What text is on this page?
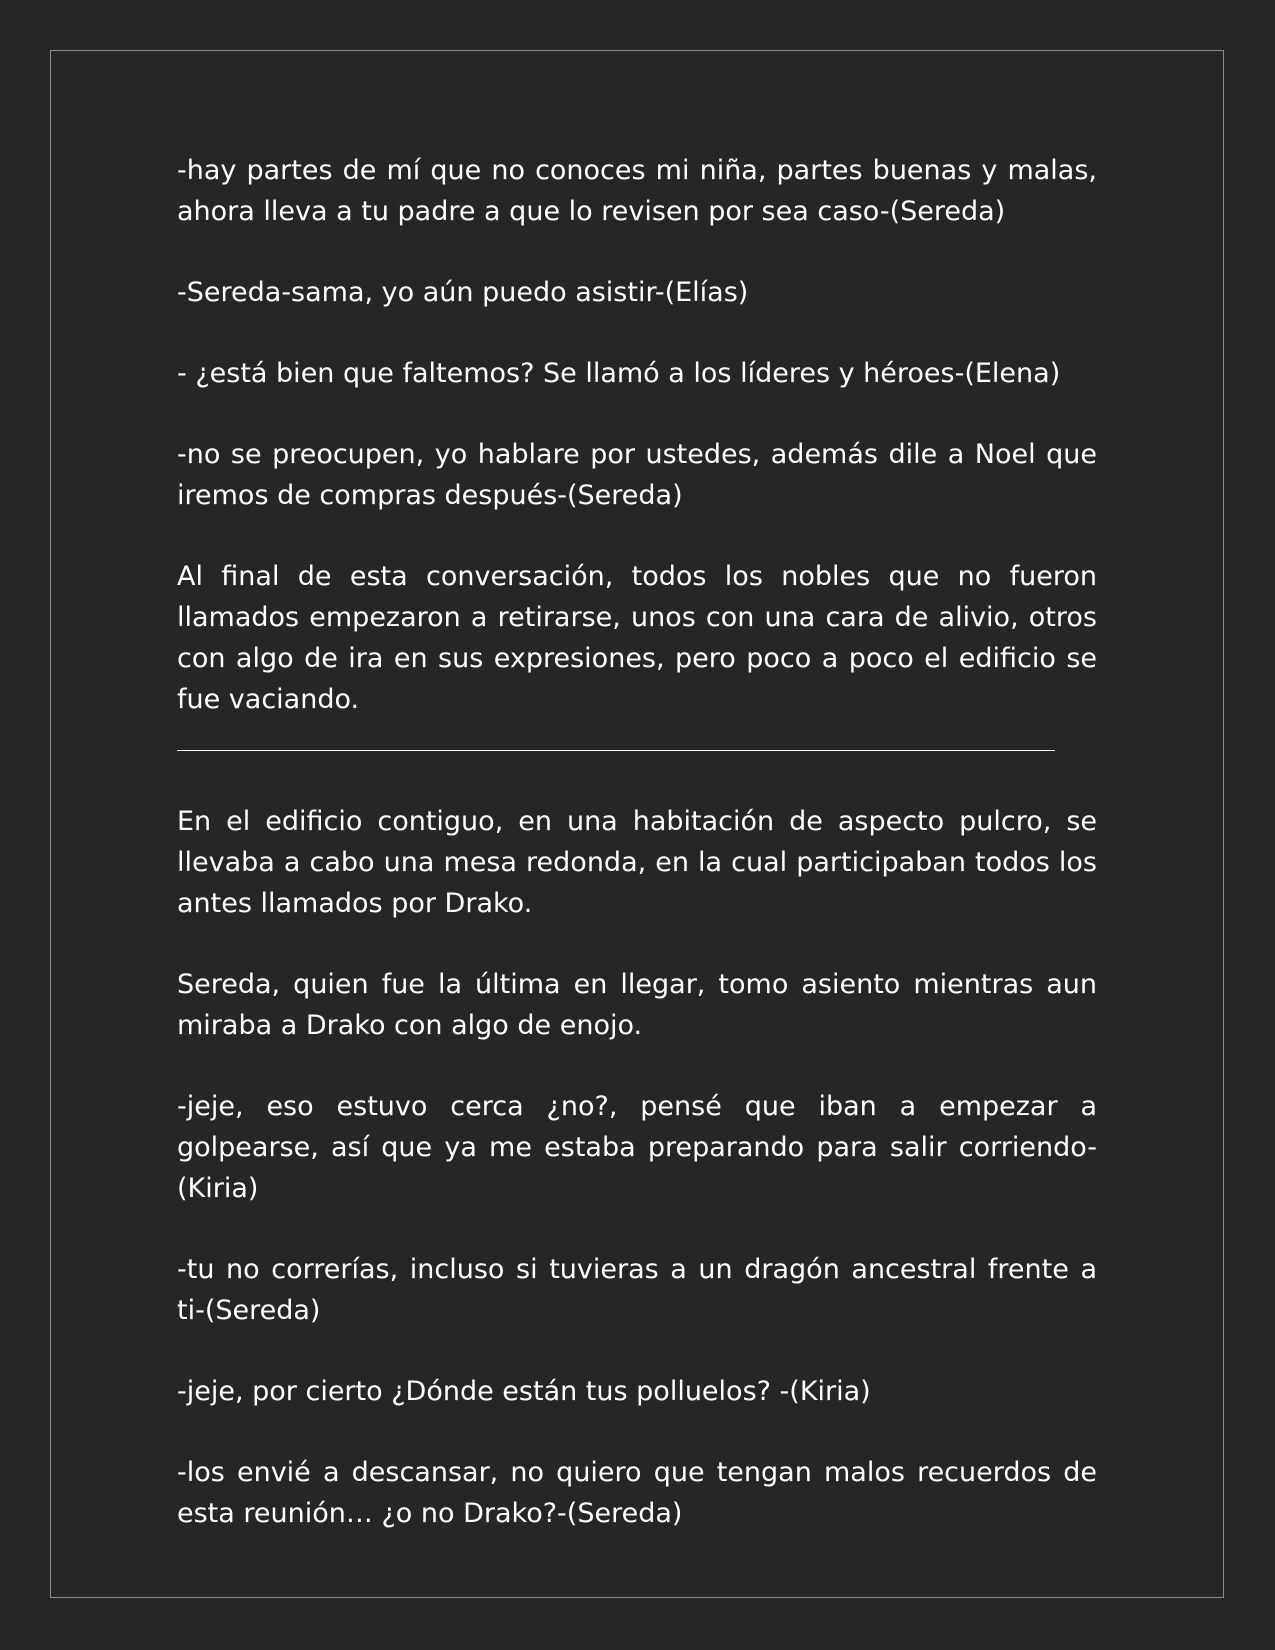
-hay partes de mí que no conoces mi niña, partes buenas y malas, ahora lleva a tu padre a que lo revisen por sea caso-(Sereda)

-Sereda-sama, yo aún puedo asistir-(Elías)

- ¿está bien que faltemos? Se llamó a los líderes y héroes-(Elena)

-no se preocupen, yo hablare por ustedes, además dile a Noel que iremos de compras después-(Sereda)

Al final de esta conversación, todos los nobles que no fueron llamados empezaron a retirarse, unos con una cara de alivio, otros con algo de ira en sus expresiones, pero poco a poco el edificio se fue vaciando.

En el edificio contiguo, en una habitación de aspecto pulcro, se llevaba a cabo una mesa redonda, en la cual participaban todos los antes llamados por Drako.

Sereda, quien fue la última en llegar, tomo asiento mientras aun miraba a Drako con algo de enojo.

-jeje, eso estuvo cerca ¿no?, pensé que iban a empezar a golpearse, así que ya me estaba preparando para salir corriendo-(Kiria)

-tu no correrías, incluso si tuvieras a un dragón ancestral frente a ti-(Sereda)

-jeje, por cierto ¿Dónde están tus polluelos? -(Kiria)

-los envié a descansar, no quiero que tengan malos recuerdos de esta reunión… ¿o no Drako?-(Sereda)
